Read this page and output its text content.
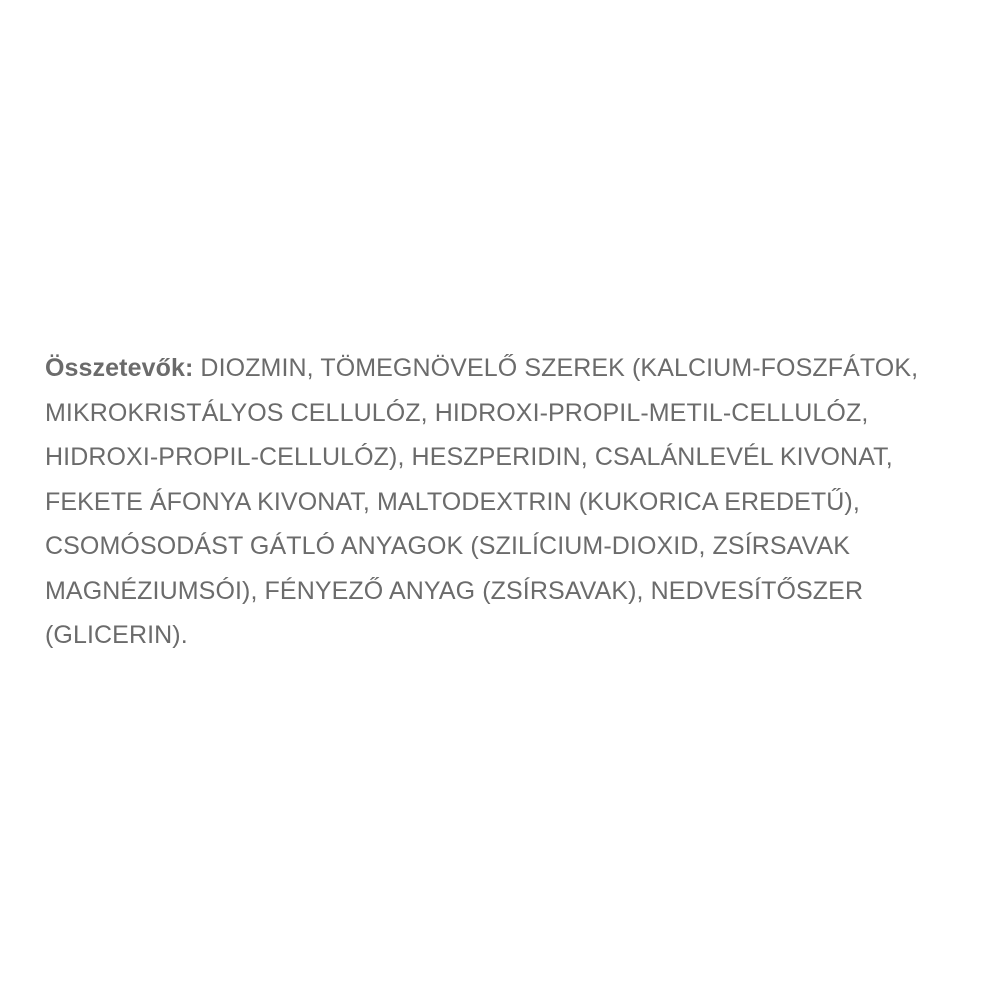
Összetevők: DIOZMIN, TÖMEGNÖVELŐ SZEREK (KALCIUM-FOSZFÁTOK,
MIKROKRISTÁLYOS CELLULÓZ, HIDROXI-PROPIL-METIL-CELLULÓZ,
HIDROXI-PROPIL-CELLULÓZ), HESZPERIDIN, CSALÁNLEVÉL KIVONAT,
FEKETE ÁFONYA KIVONAT, MALTODEXTRIN (KUKORICA EREDETŰ),
CSOMÓSODÁST GÁTLÓ ANYAGOK (SZILÍCIUM-DIOXID, ZSÍRSAVAK
MAGNÉZIUMSÓI), FÉNYEZŐ ANYAG (ZSÍRSAVAK), NEDVESÍTŐSZER
(GLICERIN).
